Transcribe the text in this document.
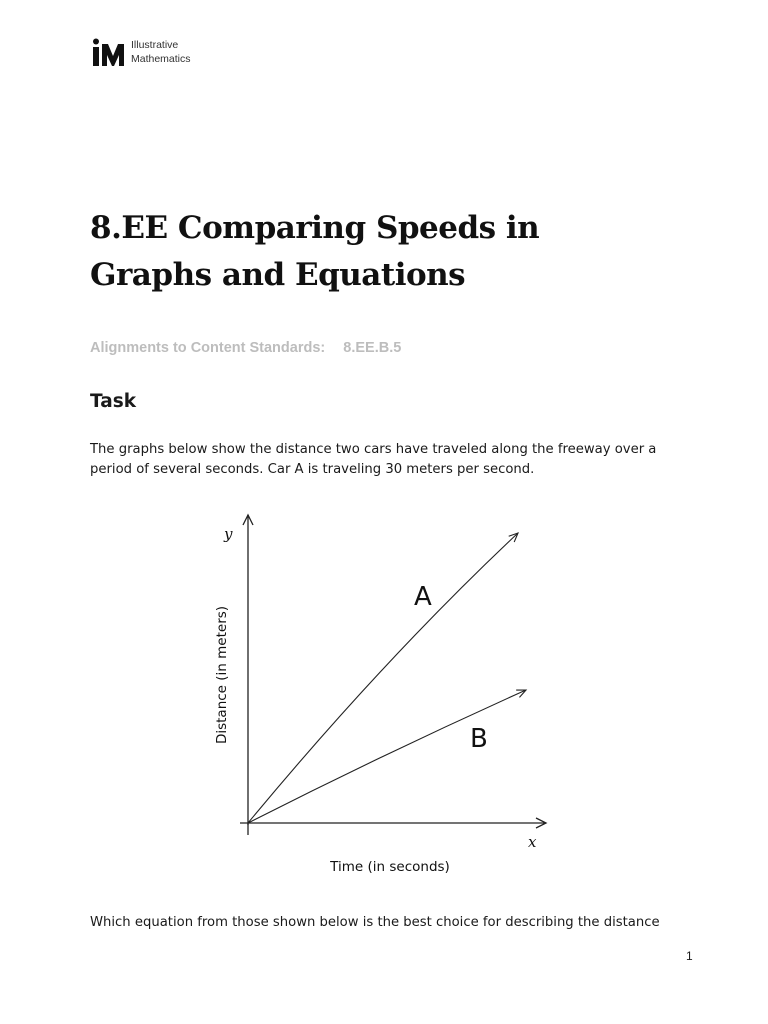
Illustrative
Mathematics
8.EE Comparing Speeds in
Graphs and Equations
Alignments to Content Standards: 8.EE.B.5
Task

The graphs below show the distance two cars have traveled along the freeway over a period of several seconds. Car A is traveling 30 meters per second.

A
B
y
x
Distance (in meters)
Time (in seconds)

Which equation from those shown below is the best choice for describing the distance

1
